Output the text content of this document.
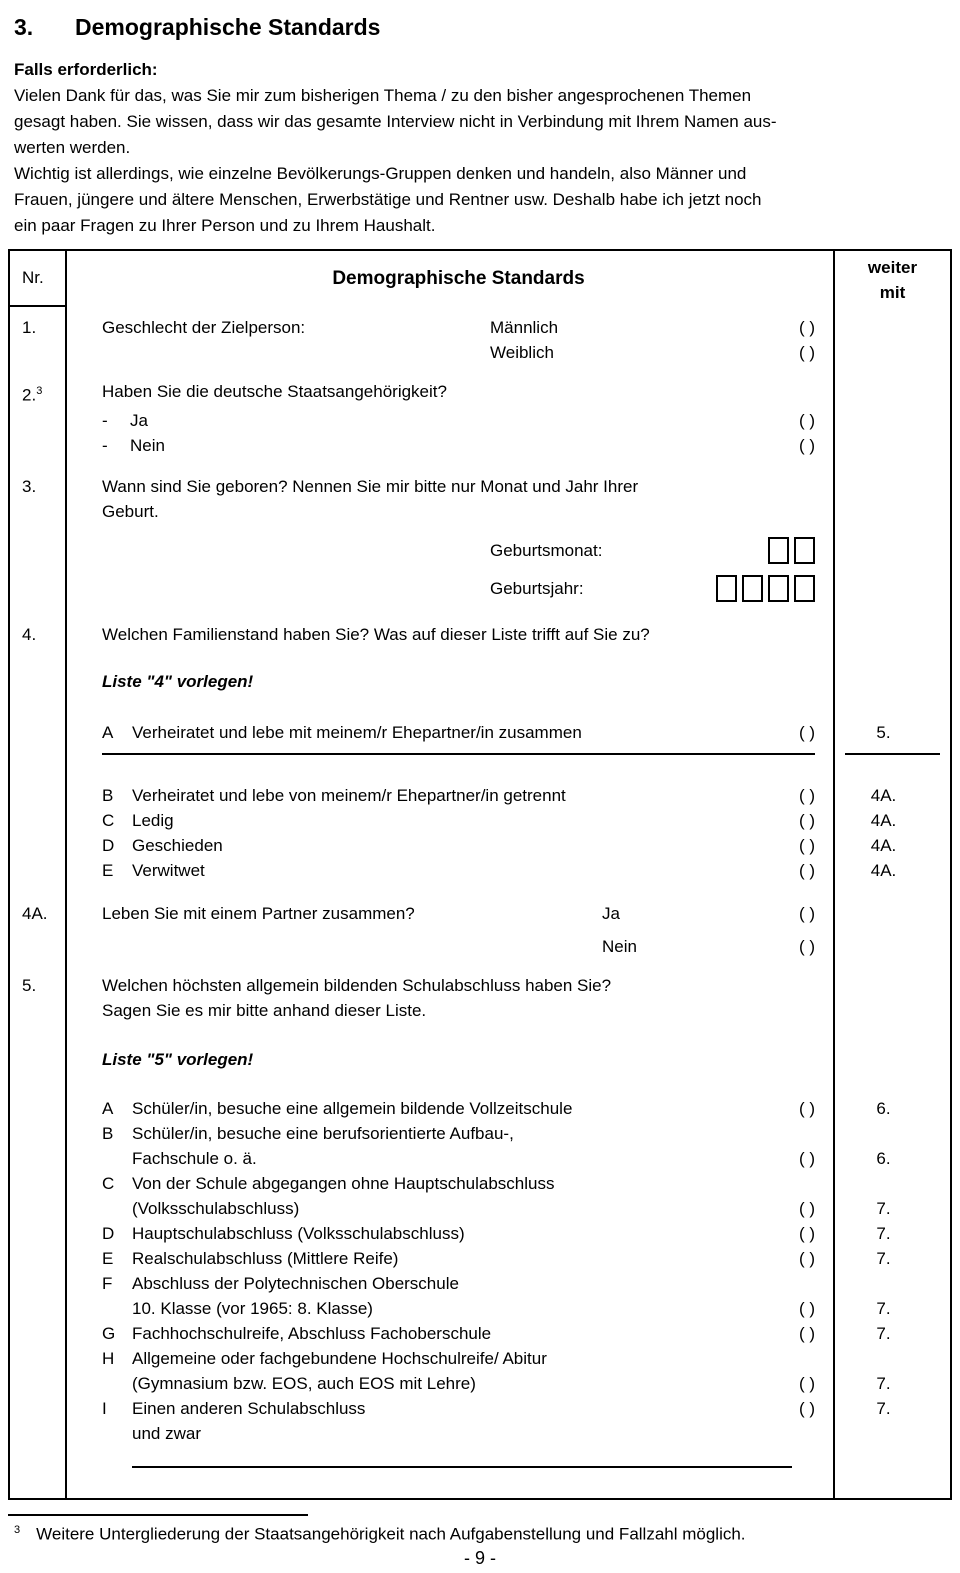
3.	Demographische Standards
Falls erforderlich:
Vielen Dank für das, was Sie mir zum bisherigen Thema / zu den bisher angesprochenen Themen
gesagt haben. Sie wissen, dass wir das gesamte Interview nicht in Verbindung mit Ihrem Namen aus-
werten werden.
Wichtig ist allerdings, wie einzelne Bevölkerungs-Gruppen denken und handeln, also Männer und
Frauen, jüngere und ältere Menschen, Erwerbstätige und Rentner usw. Deshalb habe ich jetzt noch
ein paar Fragen zu Ihrer Person und zu Ihrem Haushalt.
Nr.	Demographische Standards
weiter
mit
1.	Geschlecht der Zielperson:	Männlich	( )
Weiblich	( )
2.$^3$	Haben Sie die deutsche Staatsangehörigkeit?
-	Ja	( )
-	Nein	( )
3.	Wann sind Sie geboren? Nennen Sie mir bitte nur Monat und Jahr Ihrer
Geburt.
Geburtsmonat:
Geburtsjahr:
4.	Welchen Familienstand haben Sie? Was auf dieser Liste trifft auf Sie zu?
Liste "4" vorlegen!
A	Verheiratet und lebe mit meinem/r Ehepartner/in zusammen	( )	5.
B	Verheiratet und lebe von meinem/r Ehepartner/in getrennt	( )	4A.
C	Ledig	( )	4A.
D	Geschieden	( )	4A.
E	Verwitwet	( )	4A.
4A.	Leben Sie mit einem Partner zusammen?	Ja	( )
Nein	( )
5.	Welchen höchsten allgemein bildenden Schulabschluss haben Sie?
Sagen Sie es mir bitte anhand dieser Liste.
Liste "5" vorlegen!
A	Schüler/in, besuche eine allgemein bildende Vollzeitschule	( )	6.
B	Schüler/in, besuche eine berufsorientierte Aufbau-,
Fachschule o. ä.	( )	6.
C	Von der Schule abgegangen ohne Hauptschulabschluss
(Volksschulabschluss)	( )	7.
D	Hauptschulabschluss (Volksschulabschluss)	( )	7.
E	Realschulabschluss (Mittlere Reife)	( )	7.
F	Abschluss der Polytechnischen Oberschule
10. Klasse (vor 1965: 8. Klasse)	( )	7.
G Fachhochschulreife, Abschluss Fachoberschule	( )	7.
H	Allgemeine oder fachgebundene Hochschulreife/ Abitur
(Gymnasium bzw. EOS, auch EOS mit Lehre)	( )	7.
I	Einen anderen Schulabschluss	( )	7.
und zwar
$^3$ Weitere Untergliederung der Staatsangehörigkeit nach Aufgabenstellung und Fallzahl möglich.
- 9 -
